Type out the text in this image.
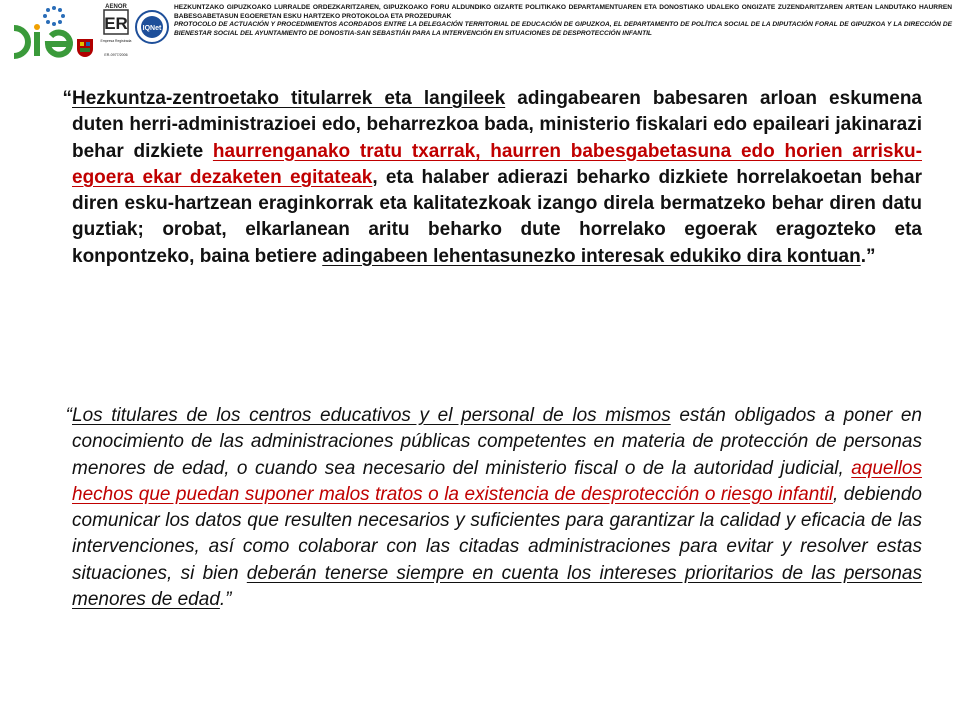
DIE
AENOR
ER
Empresa Registrada
ER-0977/2006
IQNet
HEZKUNTZAKO GIPUZKOAKO LURRALDE ORDEZKARITZAREN, GIPUZKOAKO FORU ALDUNDIKO GIZARTE POLITIKAKO DEPARTAMENTUAREN ETA DONOSTIAKO UDALEKO ONGIZATE ZUZENDARITZAREN ARTEAN LANDUTAKO HAURREN BABESGABETASUN EGOERETAN ESKU HARTZEKO PROTOKOLOA ETA PROZEDURAK
PROTOCOLO DE ACTUACIÓN Y PROCEDIMIENTOS ACORDADOS ENTRE LA DELEGACIÓN TERRITORIAL DE EDUCACIÓN DE GIPUZKOA, EL DEPARTAMENTO DE POLÍTICA SOCIAL DE LA DIPUTACIÓN FORAL DE GIPUZKOA Y LA DIRECCIÓN DE BIENESTAR SOCIAL DEL AYUNTAMIENTO DE DONOSTIA-SAN SEBASTIÁN PARA LA INTERVENCIÓN EN SITUACIONES DE DESPROTECCIÓN INFANTIL
“ Hezkuntza-zentroetako titularrek eta langileek adingabearen babesaren arloan eskumena duten herri-administrazioei edo, beharrezkoa bada, ministerio fiskalari edo epaileari jakinarazi behar dizkiete haurrenganako tratu txarrak, haurren babesgabetasuna edo horien arrisku-egoera ekar dezaketen egitateak, eta halaber adierazi beharko dizkiete horrelakoetan behar diren esku-hartzean eraginkorrak eta kalitatezkoak izango direla bermatzeko behar diren datu guztiak; orobat, elkarlanean aritu beharko dute horrelako egoerak eragozteko eta konpontzeko, baina betiere adingabeen lehentasunezko interesak edukiko dira kontuan.”
“ Los titulares de los centros educativos y el personal de los mismos están obligados a poner en conocimiento de las administraciones públicas competentes en materia de protección de personas menores de edad, o cuando sea necesario del ministerio fiscal o de la autoridad judicial, aquellos hechos que puedan suponer malos tratos o la existencia de desprotección o riesgo infantil, debiendo comunicar los datos que resulten necesarios y suficientes para garantizar la calidad y eficacia de las intervenciones, así como colaborar con las citadas administraciones para evitar y resolver estas situaciones, si bien deberán tenerse siempre en cuenta los intereses prioritarios de las personas menores de edad.”
